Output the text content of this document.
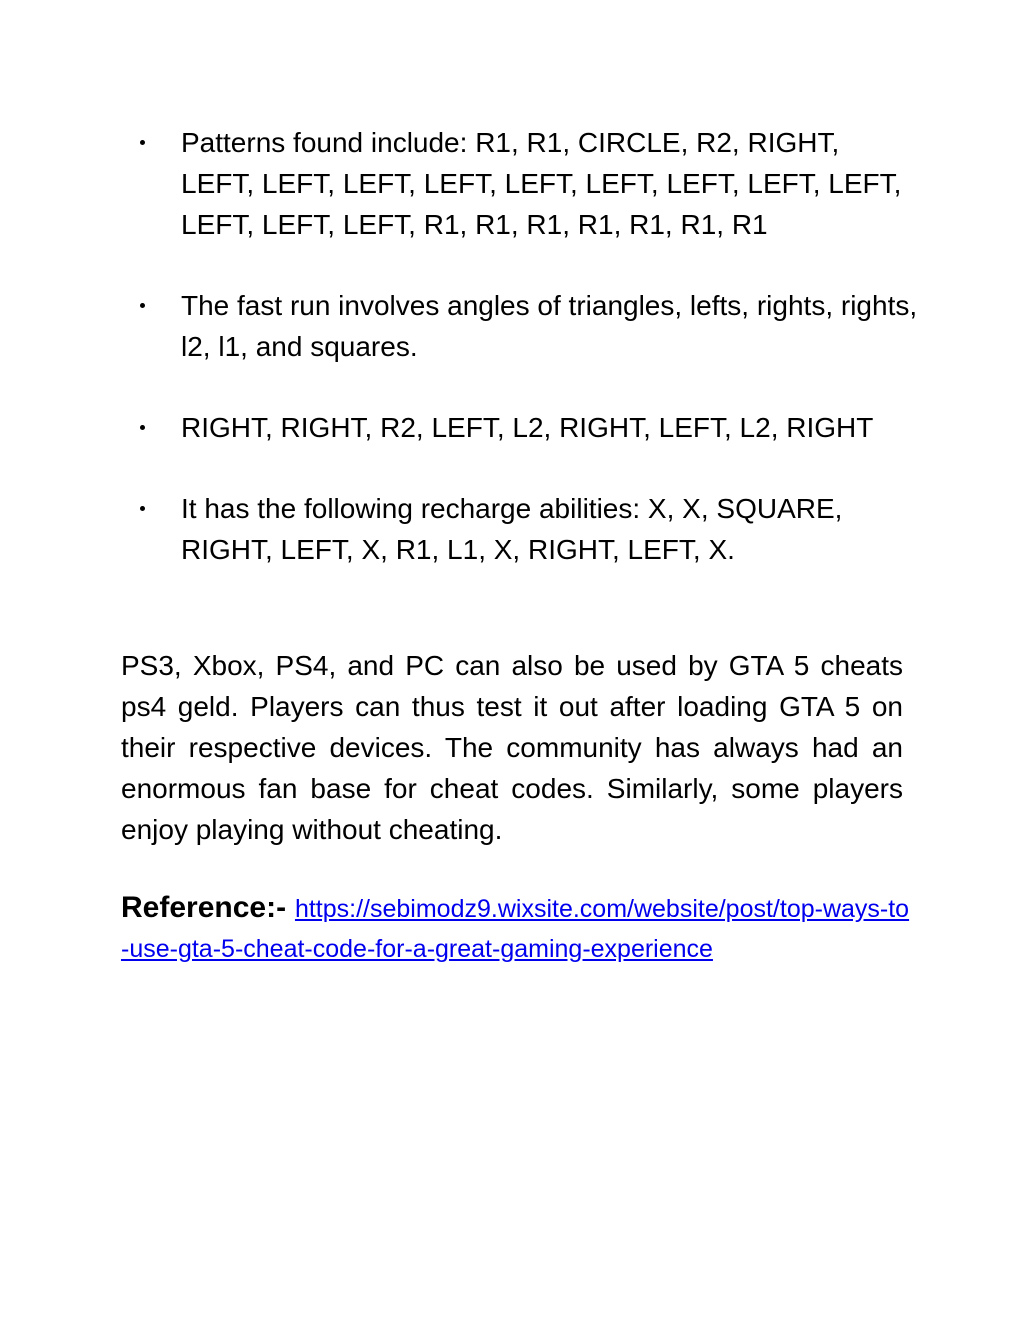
Patterns found include: R1, R1, CIRCLE, R2, RIGHT, LEFT, LEFT, LEFT, LEFT, LEFT, LEFT, LEFT, LEFT, LEFT, LEFT, LEFT, LEFT, R1, R1, R1, R1, R1, R1, R1
The fast run involves angles of triangles, lefts, rights, rights, l2, l1, and squares.
RIGHT, RIGHT, R2, LEFT, L2, RIGHT, LEFT, L2, RIGHT
It has the following recharge abilities: X, X, SQUARE, RIGHT, LEFT, X, R1, L1, X, RIGHT, LEFT, X.

PS3, Xbox, PS4, and PC can also be used by GTA 5 cheats ps4 geld. Players can thus test it out after loading GTA 5 on their respective devices. The community has always had an enormous fan base for cheat codes. Similarly, some players enjoy playing without cheating.

Reference:- https://sebimodz9.wixsite.com/website/post/top-ways-to-use-gta-5-cheat-code-for-a-great-gaming-experience
